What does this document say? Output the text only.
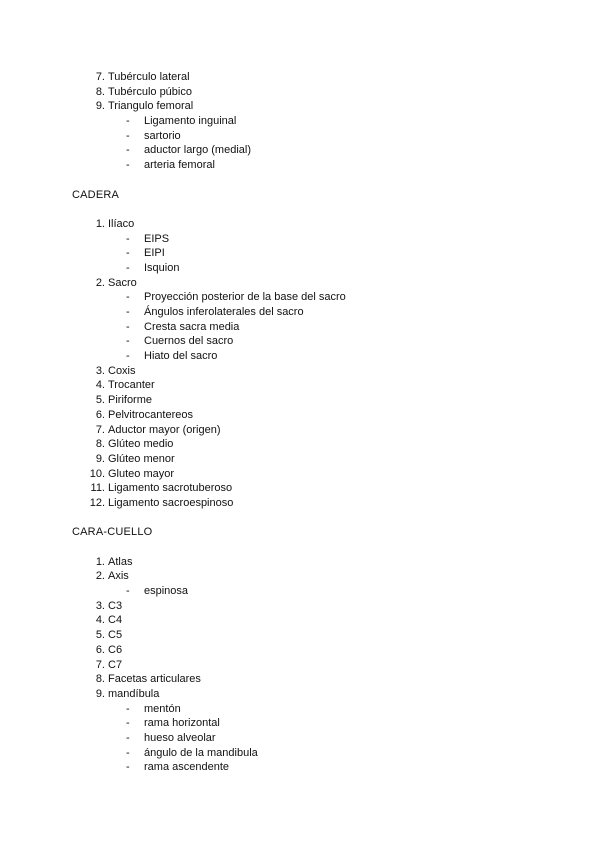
7. Tubérculo lateral
8. Tubérculo púbico
9. Triangulo femoral
- Ligamento inguinal
- sartorio
- aductor largo (medial)
- arteria femoral
CADERA
1. Ilíaco
- EIPS
- EIPI
- Isquion
2. Sacro
- Proyección posterior de la base del sacro
- Ángulos inferolaterales del sacro
- Cresta sacra media
- Cuernos del sacro
- Hiato del sacro
3. Coxis
4. Trocanter
5. Piriforme
6. Pelvitrocantereos
7. Aductor mayor (origen)
8. Glúteo medio
9. Glúteo menor
10. Gluteo mayor
11. Ligamento sacrotuberoso
12. Ligamento sacroespinoso
CARA-CUELLO
1. Atlas
2. Axis
- espinosa
3. C3
4. C4
5. C5
6. C6
7. C7
8. Facetas articulares
9. mandíbula
- mentón
- rama horizontal
- hueso alveolar
- ángulo de la mandibula
- rama ascendente
